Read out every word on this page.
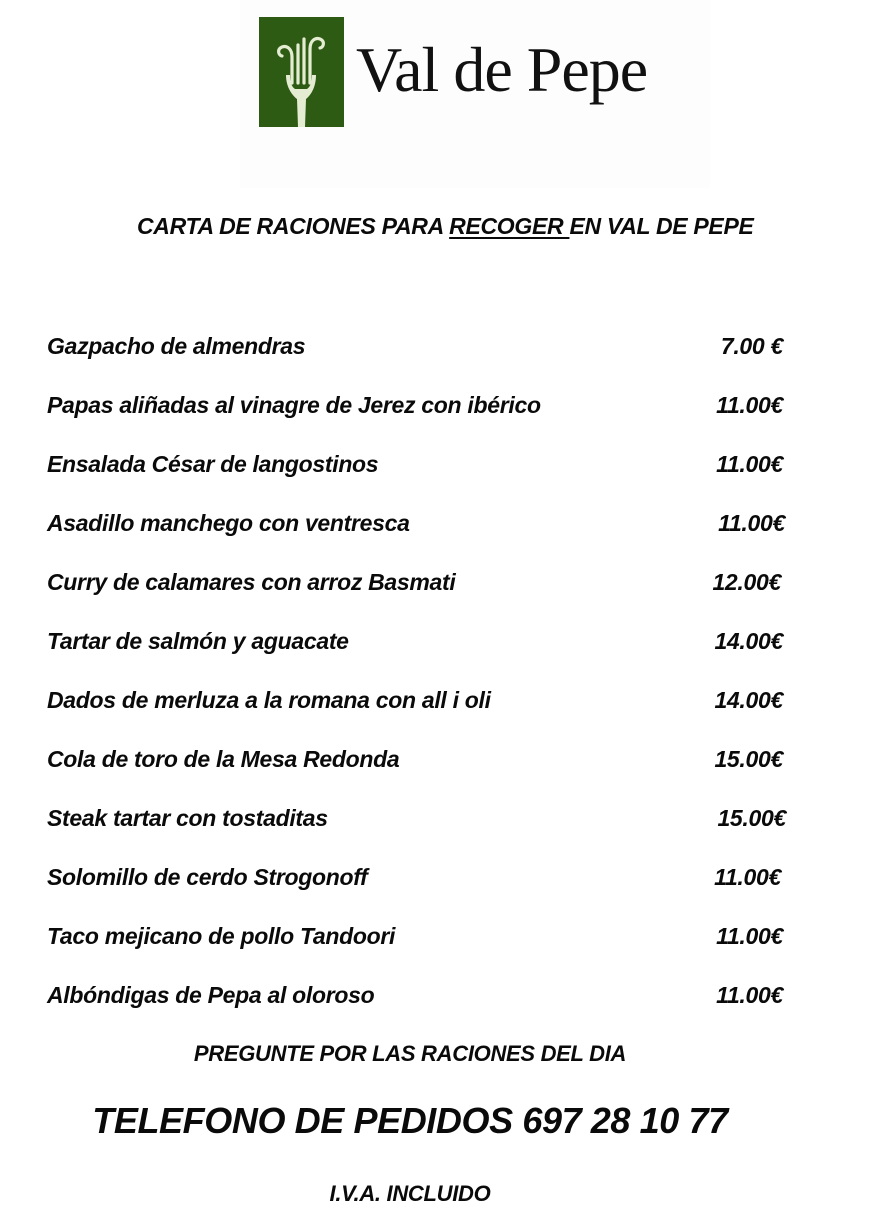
Val de Pepe
CARTA DE RACIONES PARA RECOGER EN VAL DE PEPE
Gazpacho de almendras	7.00 €
Papas aliñadas al vinagre de Jerez con ibérico	11.00€
Ensalada César de langostinos	11.00€
Asadillo manchego con ventresca	11.00€
Curry de calamares con arroz Basmati	12.00€
Tartar de salmón y aguacate	14.00€
Dados de merluza a la romana con all i oli	14.00€
Cola de toro de la Mesa Redonda	15.00€
Steak tartar con tostaditas	15.00€
Solomillo de cerdo Strogonoff	11.00€
Taco mejicano de pollo Tandoori	11.00€
Albóndigas de Pepa al oloroso	11.00€
PREGUNTE POR LAS RACIONES DEL DIA
TELEFONO DE PEDIDOS 697 28 10 77
I.V.A. INCLUIDO
